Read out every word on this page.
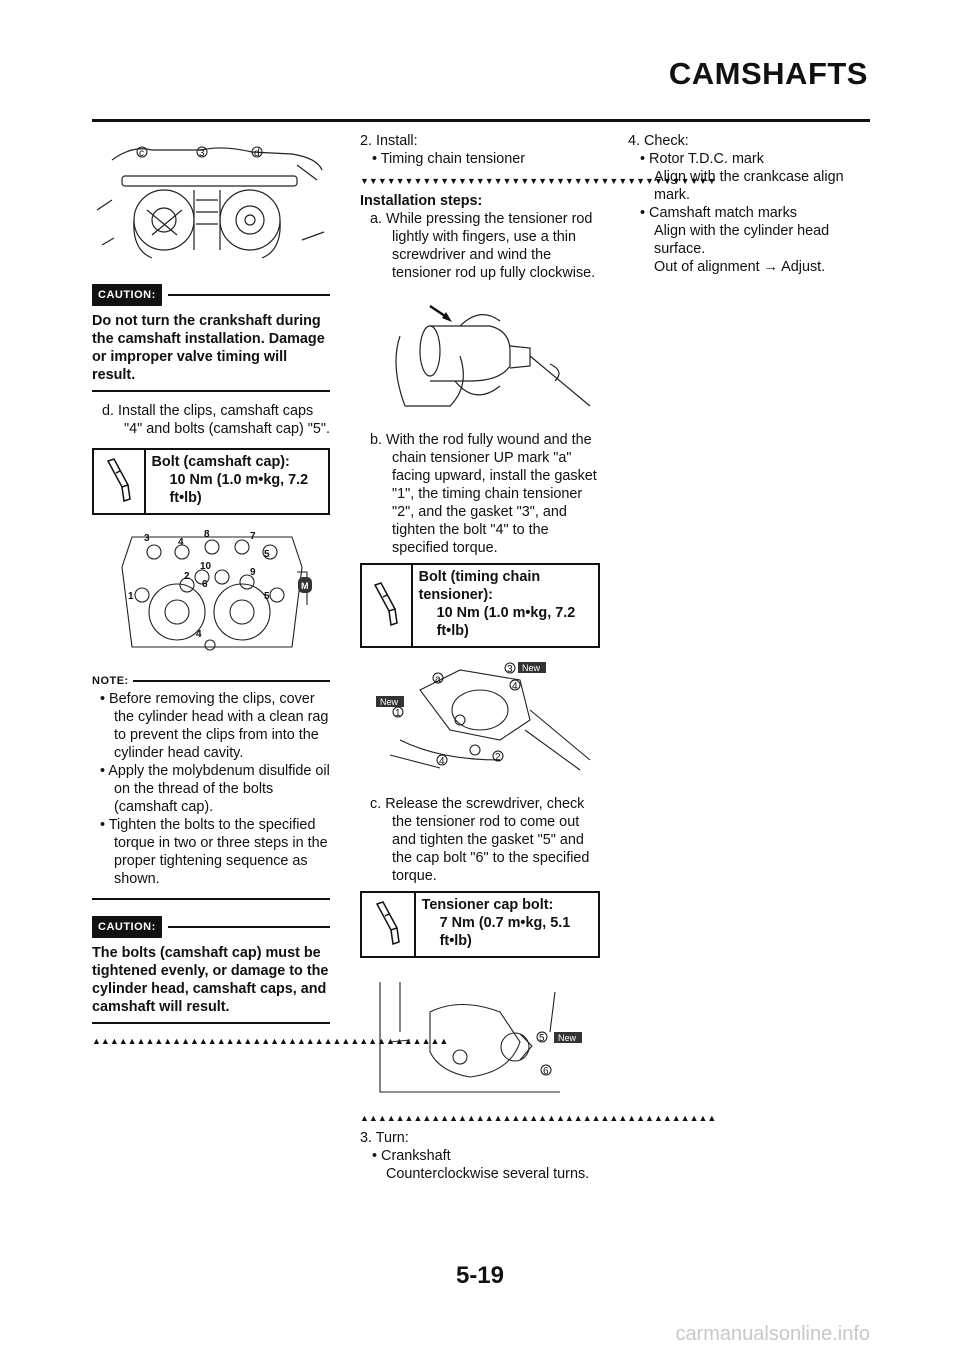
CAMSHAFTS
c	3	d
CAUTION:

Do not turn the crankshaft during the camshaft installation. Damage or improper valve timing will result.

d. Install the clips, camshaft caps "4" and bolts (camshaft cap) "5".

Bolt (camshaft cap):
10 Nm (1.0 m•kg, 7.2 ft•lb)
M
3	4
8	7
5
10
9
2
6
1	5
4
NOTE:

• Before removing the clips, cover the cylinder head with a clean rag to prevent the clips from into the cylinder head cavity.

• Apply the molybdenum disulfide oil on the thread of the bolts (camshaft cap).

• Tighten the bolts to the specified torque in two or three steps in the proper tightening sequence as shown.

CAUTION:

The bolts (camshaft cap) must be tightened evenly, or damage to the cylinder head, camshaft caps, and camshaft will result.

▲▲▲▲▲▲▲▲▲▲▲▲▲▲▲▲▲▲▲▲▲▲▲▲▲▲▲▲▲▲▲▲▲▲▲▲▲▲▲▲

2. Install:

• Timing chain tensioner

▼▼▼▼▼▼▼▼▼▼▼▼▼▼▼▼▼▼▼▼▼▼▼▼▼▼▼▼▼▼▼▼▼▼▼▼▼▼▼▼

Installation steps:

a. While pressing the tensioner rod lightly with fingers, use a thin screwdriver and wind the tensioner rod up fully clockwise.

b. With the rod fully wound and the chain tensioner UP mark "a" facing upward, install the gasket "1", the timing chain tensioner "2", and the gasket "3", and tighten the bolt "4" to the specified torque.

Bolt (timing chain tensioner):
10 Nm (1.0 m•kg, 7.2 ft•lb)
a
3
4
1
4	2
New
New

c. Release the screwdriver, check the tensioner rod to come out and tighten the gasket "5" and the cap bolt "6" to the specified torque.

Tensioner cap bolt:
7 Nm (0.7 m•kg, 5.1 ft•lb)
5
6
New
▲▲▲▲▲▲▲▲▲▲▲▲▲▲▲▲▲▲▲▲▲▲▲▲▲▲▲▲▲▲▲▲▲▲▲▲▲▲▲▲

3. Turn:

• Crankshaft

Counterclockwise several turns.

4. Check:

• Rotor T.D.C. mark

Align with the crankcase align mark.

• Camshaft match marks

Align with the cylinder head surface.

Out of alignment → Adjust.

5-19
carmanualsonline.info
